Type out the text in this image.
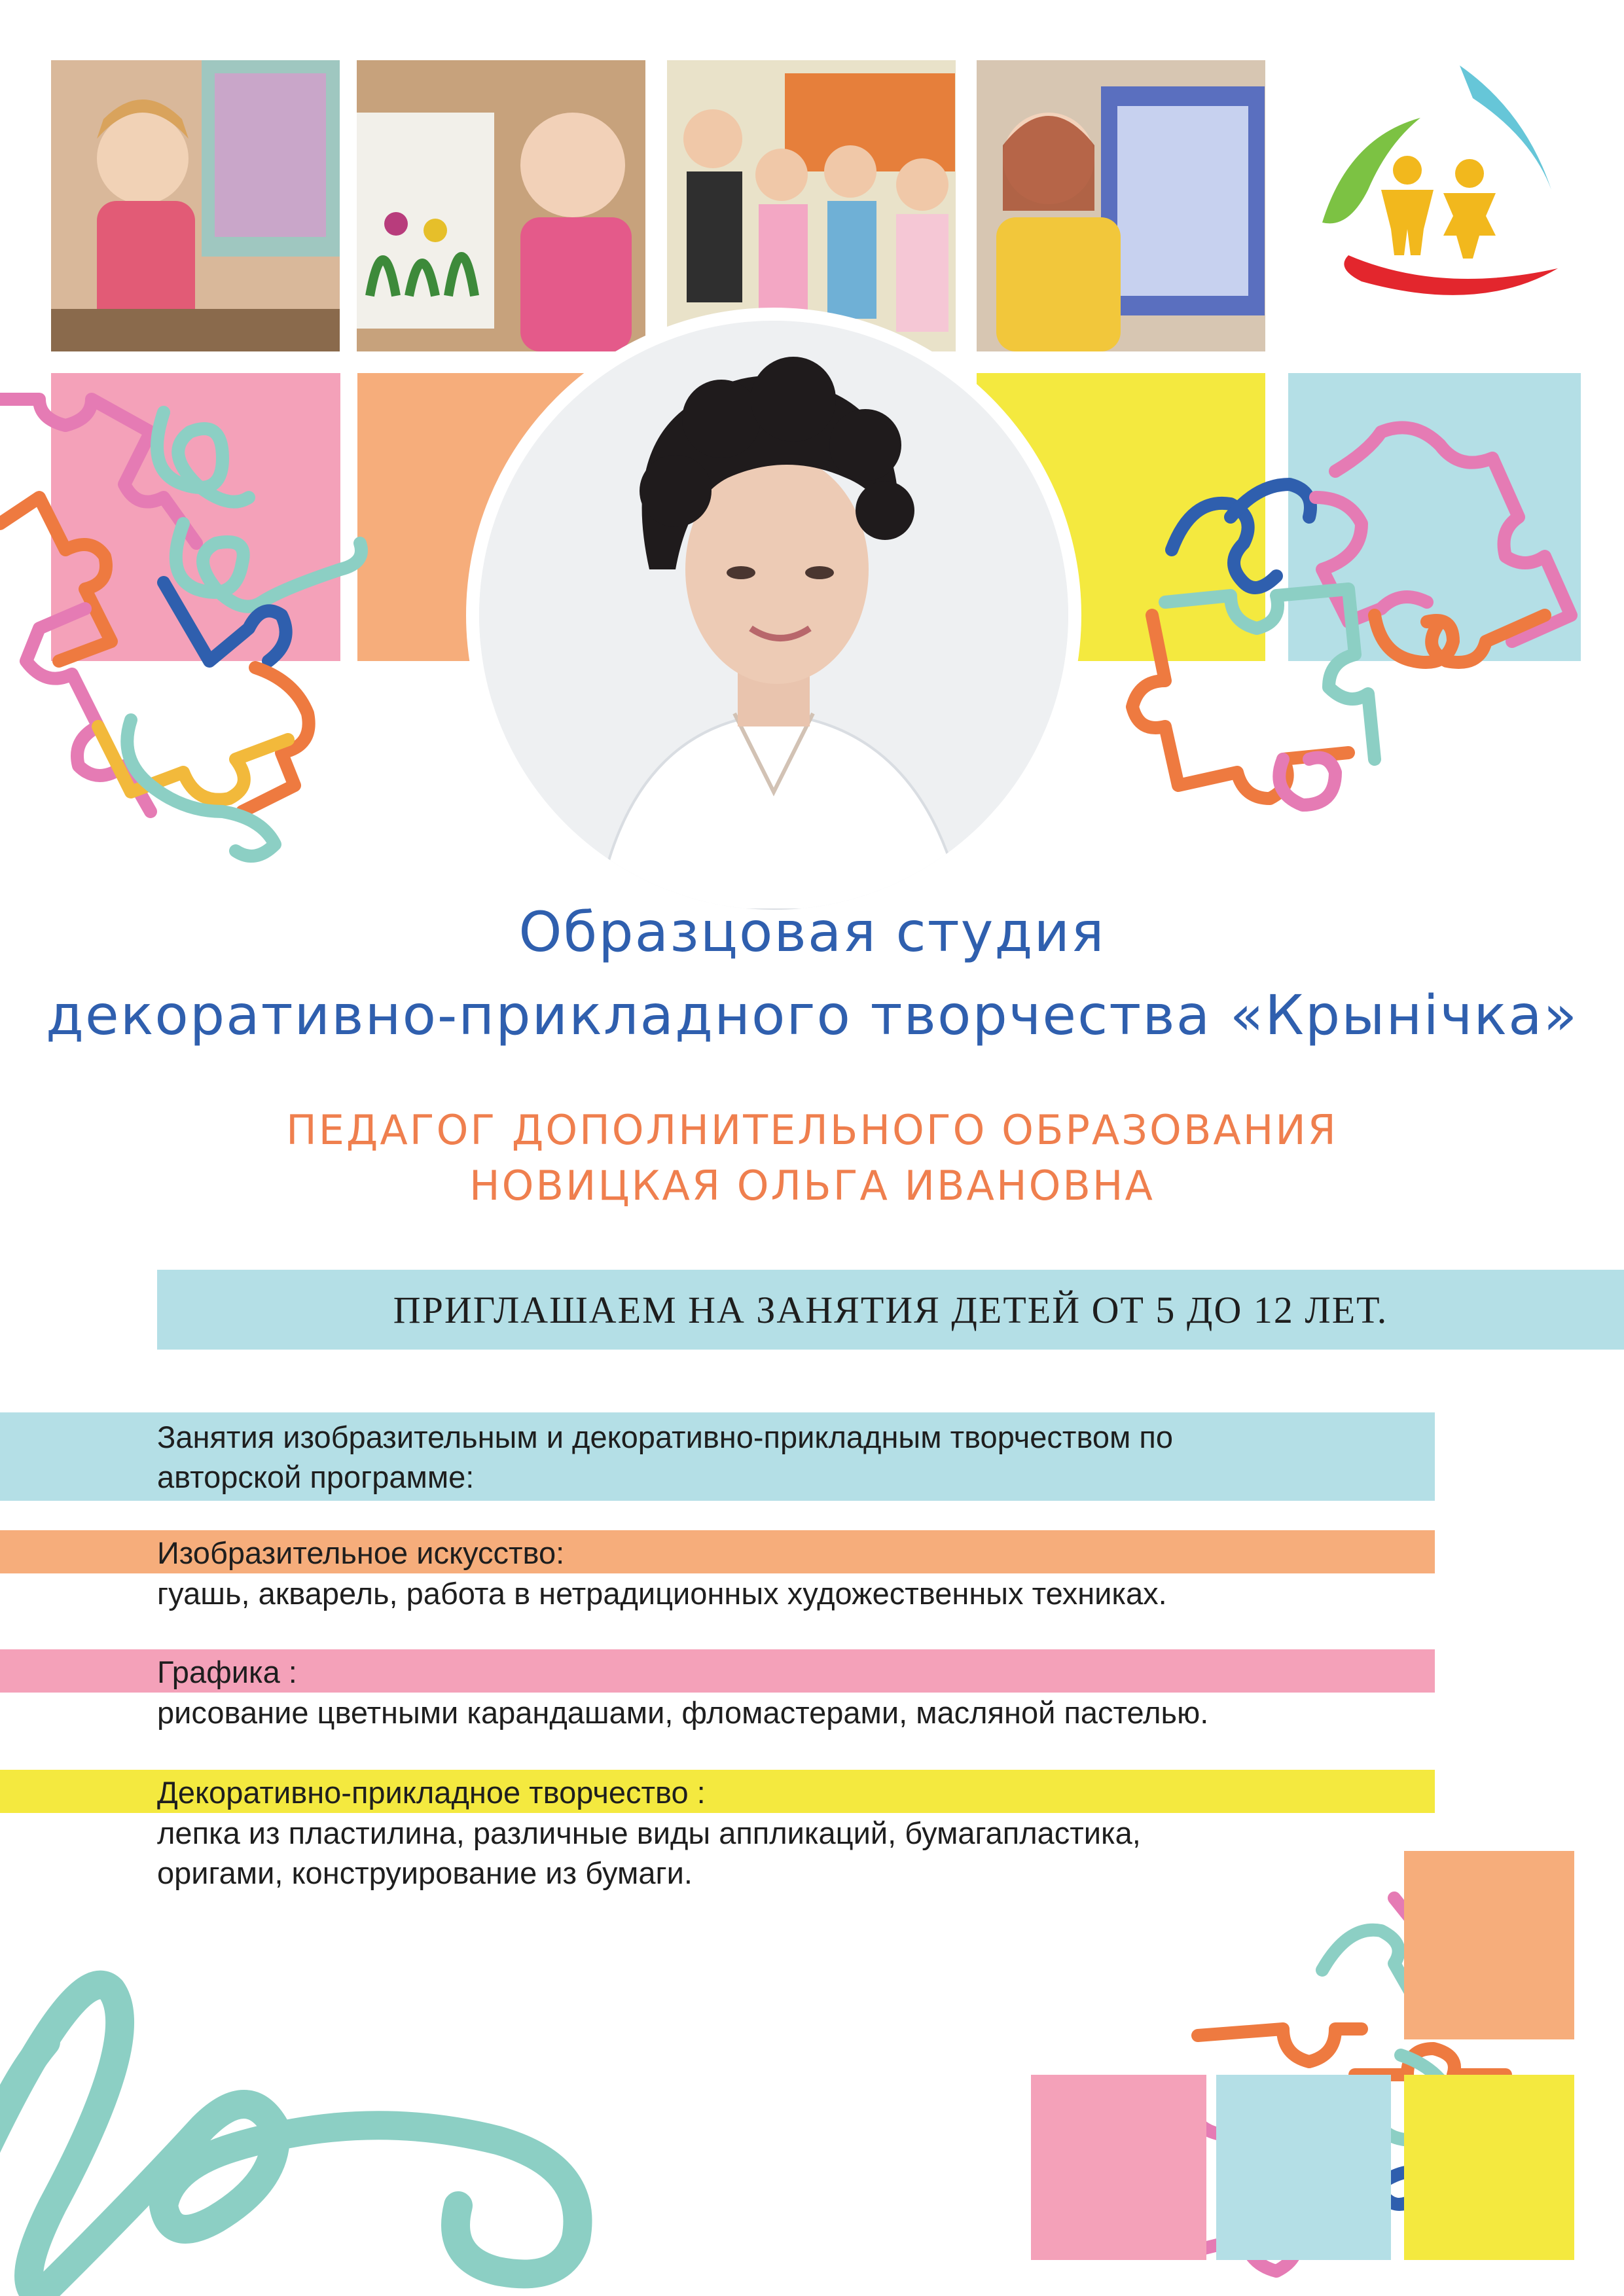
Образцовая студия
декоративно-прикладного творчества «Крынічка»
ПЕДАГОГ ДОПОЛНИТЕЛЬНОГО ОБРАЗОВАНИЯ
НОВИЦКАЯ ОЛЬГА ИВАНОВНА
ПРИГЛАШАЕМ НА ЗАНЯТИЯ ДЕТЕЙ ОТ 5 ДО 12 ЛЕТ.
Занятия изобразительным и декоративно-прикладным творчеством по
авторской программе:
Изобразительное искусство:
гуашь, акварель, работа в нетрадиционных художественных техниках.
Графика :
рисование цветными карандашами, фломастерами, масляной пастелью.
Декоративно-прикладное творчество :
лепка из пластилина, различные виды аппликаций, бумагапластика,
оригами, конструирование из бумаги.
